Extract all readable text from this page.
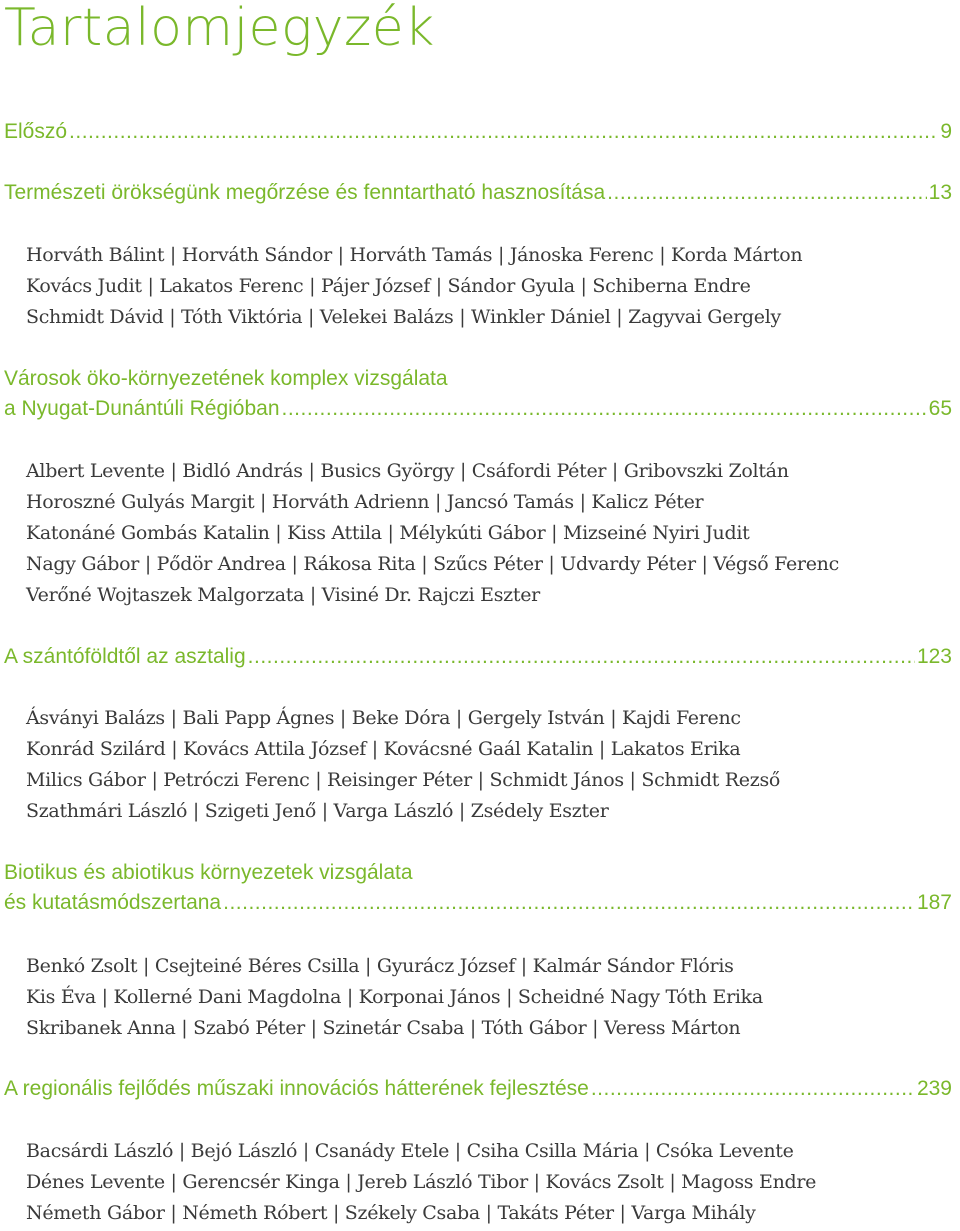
Tartalomjegyzék
Előszó .....	9
Természeti örökségünk megőrzése és fenntartható hasznosítása .....	13
Horváth Bálint | Horváth Sándor | Horváth Tamás | Jánoska Ferenc | Korda Márton
Kovács Judit | Lakatos Ferenc | Pájer József | Sándor Gyula | Schiberna Endre
Schmidt Dávid | Tóth Viktória | Velekei Balázs | Winkler Dániel | Zagyvai Gergely
Városok öko-környezetének komplex vizsgálata
a Nyugat-Dunántúli Régióban .....	65
Albert Levente | Bidló András | Busics György | Csáfordi Péter | Gribovszki Zoltán
Horoszné Gulyás Margit | Horváth Adrienn | Jancsó Tamás | Kalicz Péter
Katonáné Gombás Katalin | Kiss Attila | Mélykúti Gábor | Mizseiné Nyiri Judit
Nagy Gábor | Pődör Andrea | Rákosa Rita | Szűcs Péter | Udvardy Péter | Végső Ferenc
Verőné Wojtaszek Malgorzata | Visiné Dr. Rajczi Eszter
A szántóföldtől az asztalig .....	123
Ásványi Balázs | Bali Papp Ágnes | Beke Dóra | Gergely István | Kajdi Ferenc
Konrád Szilárd | Kovács Attila József | Kovácsné Gaál Katalin | Lakatos Erika
Milics Gábor | Petróczi Ferenc | Reisinger Péter | Schmidt János | Schmidt Rezső
Szathmári László | Szigeti Jenő | Varga László | Zsédely Eszter
Biotikus és abiotikus környezetek vizsgálata
és kutatásmódszertana .....	187
Benkó Zsolt | Csejteiné Béres Csilla | Gyurácz József | Kalmár Sándor Flóris
Kis Éva | Kollerné Dani Magdolna | Korponai János | Scheidné Nagy Tóth Erika
Skribanek Anna | Szabó Péter | Szinetár Csaba | Tóth Gábor | Veress Márton
A regionális fejlődés műszaki innovációs hátterének fejlesztése .....	239
Bacsárdi László | Bejó László | Csanády Etele | Csiha Csilla Mária | Csóka Levente
Dénes Levente | Gerencsér Kinga | Jereb László Tibor | Kovács Zsolt | Magoss Endre
Németh Gábor | Németh Róbert | Székely Csaba | Takáts Péter | Varga Mihály
